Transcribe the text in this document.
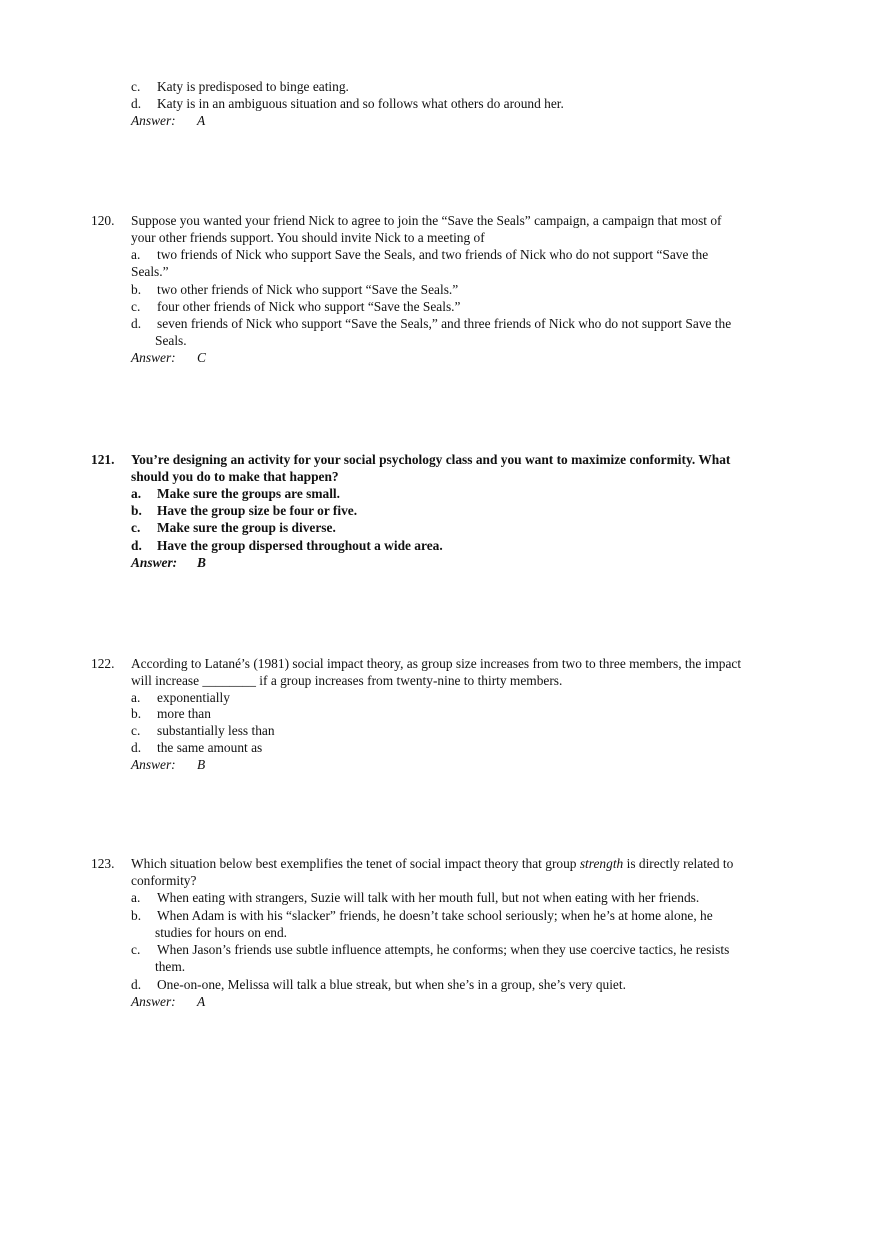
c. Katy is predisposed to binge eating.
d. Katy is in an ambiguous situation and so follows what others do around her.
Answer: A
120. Suppose you wanted your friend Nick to agree to join the “Save the Seals” campaign, a campaign that most of
your other friends support. You should invite Nick to a meeting of
a. two friends of Nick who support Save the Seals, and two friends of Nick who do not support “Save the
Seals.”
b. two other friends of Nick who support “Save the Seals.”
c. four other friends of Nick who support “Save the Seals.”
d. seven friends of Nick who support “Save the Seals,” and three friends of Nick who do not support Save the
Seals.
Answer: C
121. You’re designing an activity for your social psychology class and you want to maximize conformity. What
should you do to make that happen?
a. Make sure the groups are small.
b. Have the group size be four or five.
c. Make sure the group is diverse.
d. Have the group dispersed throughout a wide area.
Answer: B
122. According to Latané’s (1981) social impact theory, as group size increases from two to three members, the impact
will increase ________ if a group increases from twenty-nine to thirty members.
a. exponentially
b. more than
c. substantially less than
d. the same amount as
Answer: B
123. Which situation below best exemplifies the tenet of social impact theory that group strength is directly related to
conformity?
a. When eating with strangers, Suzie will talk with her mouth full, but not when eating with her friends.
b. When Adam is with his “slacker” friends, he doesn’t take school seriously; when he’s at home alone, he
studies for hours on end.
c. When Jason’s friends use subtle influence attempts, he conforms; when they use coercive tactics, he resists
them.
d. One-on-one, Melissa will talk a blue streak, but when she’s in a group, she’s very quiet.
Answer: A
